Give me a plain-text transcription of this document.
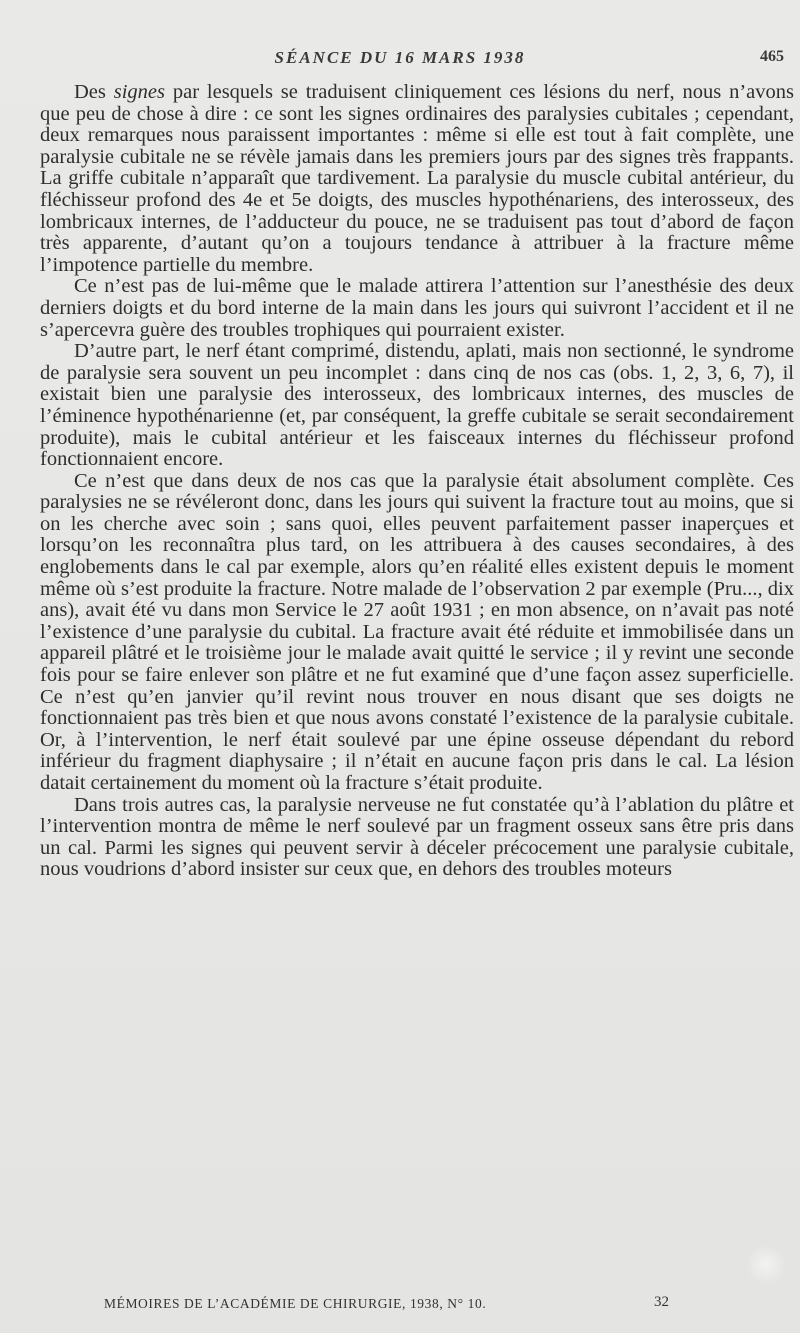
SÉANCE DU 16 MARS 1938	465

Des signes par lesquels se traduisent cliniquement ces lésions du nerf, nous n’avons que peu de chose à dire : ce sont les signes ordinaires des paralysies cubitales ; cependant, deux remarques nous paraissent importantes : même si elle est tout à fait complète, une paralysie cubitale ne se révèle jamais dans les premiers jours par des signes très frappants. La griffe cubitale n’apparaît que tardivement. La paralysie du muscle cubital antérieur, du fléchisseur profond des 4e et 5e doigts, des muscles hypothénariens, des interosseux, des lombricaux internes, de l’adducteur du pouce, ne se traduisent pas tout d’abord de façon très apparente, d’autant qu’on a toujours tendance à attribuer à la fracture même l’impotence partielle du membre.

Ce n’est pas de lui-même que le malade attirera l’attention sur l’anesthésie des deux derniers doigts et du bord interne de la main dans les jours qui suivront l’accident et il ne s’apercevra guère des troubles trophiques qui pourraient exister.

D’autre part, le nerf étant comprimé, distendu, aplati, mais non sectionné, le syndrome de paralysie sera souvent un peu incomplet : dans cinq de nos cas (obs. 1, 2, 3, 6, 7), il existait bien une paralysie des interosseux, des lombricaux internes, des muscles de l’éminence hypothénarienne (et, par conséquent, la greffe cubitale se serait secondairement produite), mais le cubital antérieur et les faisceaux internes du fléchisseur profond fonctionnaient encore.

Ce n’est que dans deux de nos cas que la paralysie était absolument complète. Ces paralysies ne se révéleront donc, dans les jours qui suivent la fracture tout au moins, que si on les cherche avec soin ; sans quoi, elles peuvent parfaitement passer inaperçues et lorsqu’on les reconnaîtra plus tard, on les attribuera à des causes secondaires, à des englobements dans le cal par exemple, alors qu’en réalité elles existent depuis le moment même où s’est produite la fracture. Notre malade de l’observation 2 par exemple (Pru..., dix ans), avait été vu dans mon Service le 27 août 1931 ; en mon absence, on n’avait pas noté l’existence d’une paralysie du cubital. La fracture avait été réduite et immobilisée dans un appareil plâtré et le troisième jour le malade avait quitté le service ; il y revint une seconde fois pour se faire enlever son plâtre et ne fut examiné que d’une façon assez superficielle. Ce n’est qu’en janvier qu’il revint nous trouver en nous disant que ses doigts ne fonctionnaient pas très bien et que nous avons constaté l’existence de la paralysie cubitale. Or, à l’intervention, le nerf était soulevé par une épine osseuse dépendant du rebord inférieur du fragment diaphysaire ; il n’était en aucune façon pris dans le cal. La lésion datait certainement du moment où la fracture s’était produite.

Dans trois autres cas, la paralysie nerveuse ne fut constatée qu’à l’ablation du plâtre et l’intervention montra de même le nerf soulevé par un fragment osseux sans être pris dans un cal. Parmi les signes qui peuvent servir à déceler précocement une paralysie cubitale, nous voudrions d’abord insister sur ceux que, en dehors des troubles moteurs

MÉMOIRES DE L’ACADÉMIE DE CHIRURGIE, 1938, N° 10.	32
